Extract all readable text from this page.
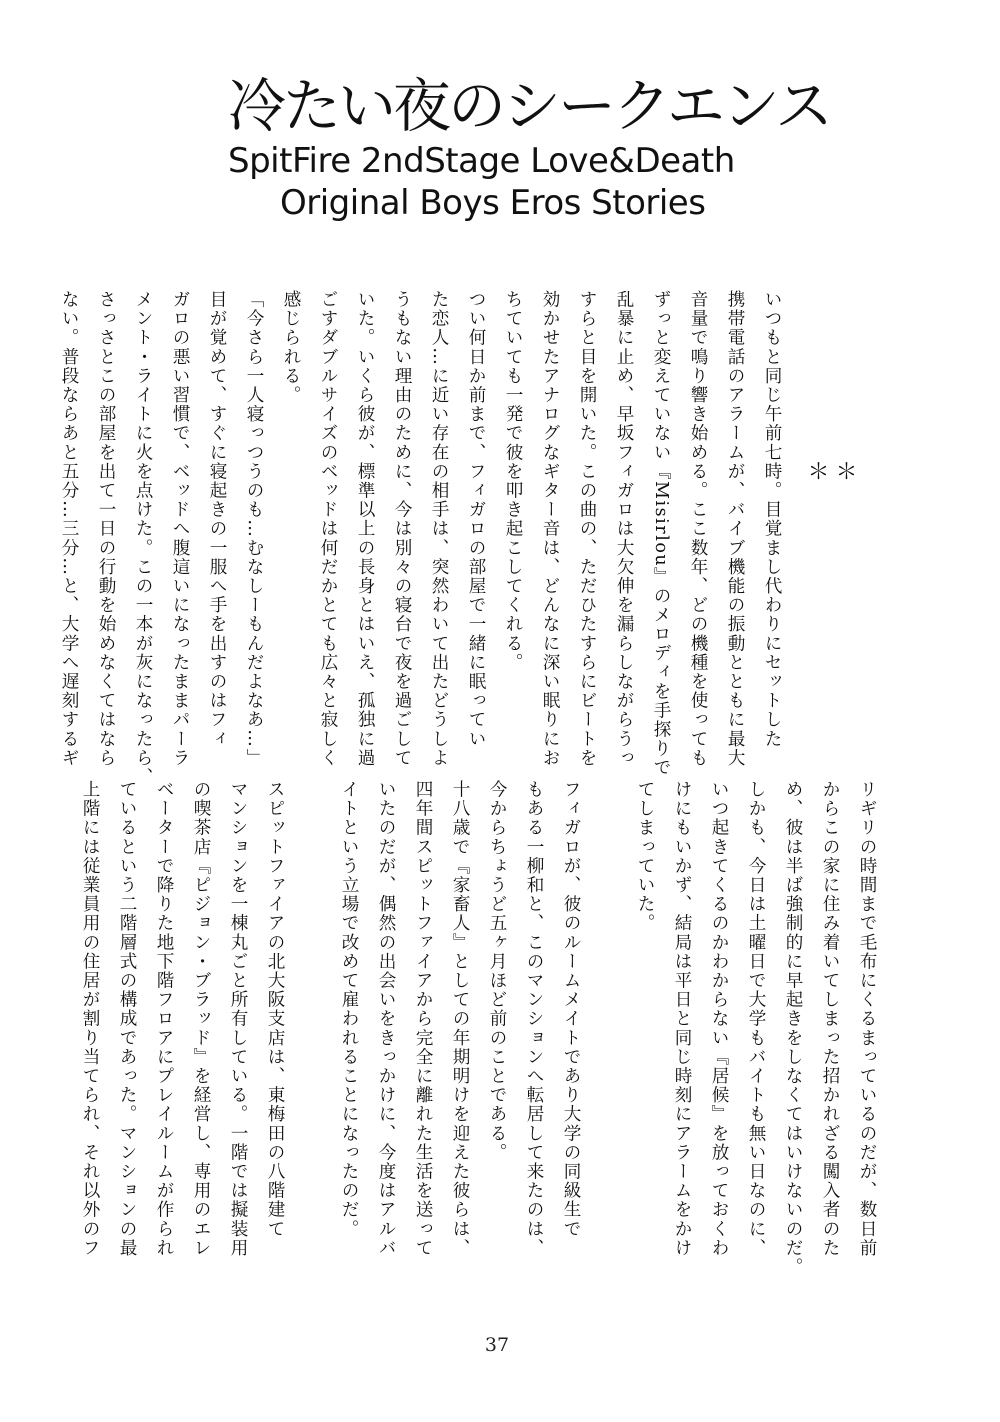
冷たい夜のシークエンス
SpitFire 2ndStage Love&Death
Original Boys Eros Stories
＊＊
いつもと同じ午前七時。目覚まし代わりにセットした
携帯電話のアラームが、バイブ機能の振動とともに最大
音量で鳴り響き始める。ここ数年、どの機種を使っても
ずっと変えていない『Misirlou』のメロディを手探りで
乱暴に止め、早坂フィガロは大欠伸を漏らしながらうっ
すらと目を開いた。この曲の、ただひたすらにビートを
効かせたアナログなギター音は、どんなに深い眠りにお
ちていても一発で彼を叩き起こしてくれる。
つい何日か前まで、フィガロの部屋で一緒に眠ってい
た恋人…に近い存在の相手は、突然わいて出たどうしよ
うもない理由のために、今は別々の寝台で夜を過ごして
いた。いくら彼が、標準以上の長身とはいえ、孤独に過
ごすダブルサイズのベッドは何だかとても広々と寂しく
感じられる。
「今さら一人寝っつうのも…むなしーもんだよなあ…」
目が覚めて、すぐに寝起きの一服へ手を出すのはフィ
ガロの悪い習慣で、ベッドへ腹這いになったままパーラ
メント・ライトに火を点けた。この一本が灰になったら、
さっさとこの部屋を出て一日の行動を始めなくてはなら
ない。普段ならあと五分…三分…と、大学へ遅刻するギ
リギリの時間まで毛布にくるまっているのだが、数日前
からこの家に住み着いてしまった招かれざる闖入者のた
め、彼は半ば強制的に早起きをしなくてはいけないのだ。
しかも、今日は土曜日で大学もバイトも無い日なのに、
いつ起きてくるのかわからない『居候』を放っておくわ
けにもいかず、結局は平日と同じ時刻にアラームをかけ
てしまっていた。

フィガロが、彼のルームメイトであり大学の同級生で
もある一柳和と、このマンションへ転居して来たのは、
今からちょうど五ヶ月ほど前のことである。
十八歳で『家畜人』としての年期明けを迎えた彼らは、
四年間スピットファイアから完全に離れた生活を送って
いたのだが、偶然の出会いをきっかけに、今度はアルバ
イトという立場で改めて雇われることになったのだ。

スピットファイアの北大阪支店は、東梅田の八階建て
マンションを一棟丸ごと所有している。一階では擬装用
の喫茶店『ピジョン・ブラッド』を経営し、専用のエレ
ベーターで降りた地下階フロアにプレイルームが作られ
ているという二階層式の構成であった。マンションの最
上階には従業員用の住居が割り当てられ、それ以外のフ
37
